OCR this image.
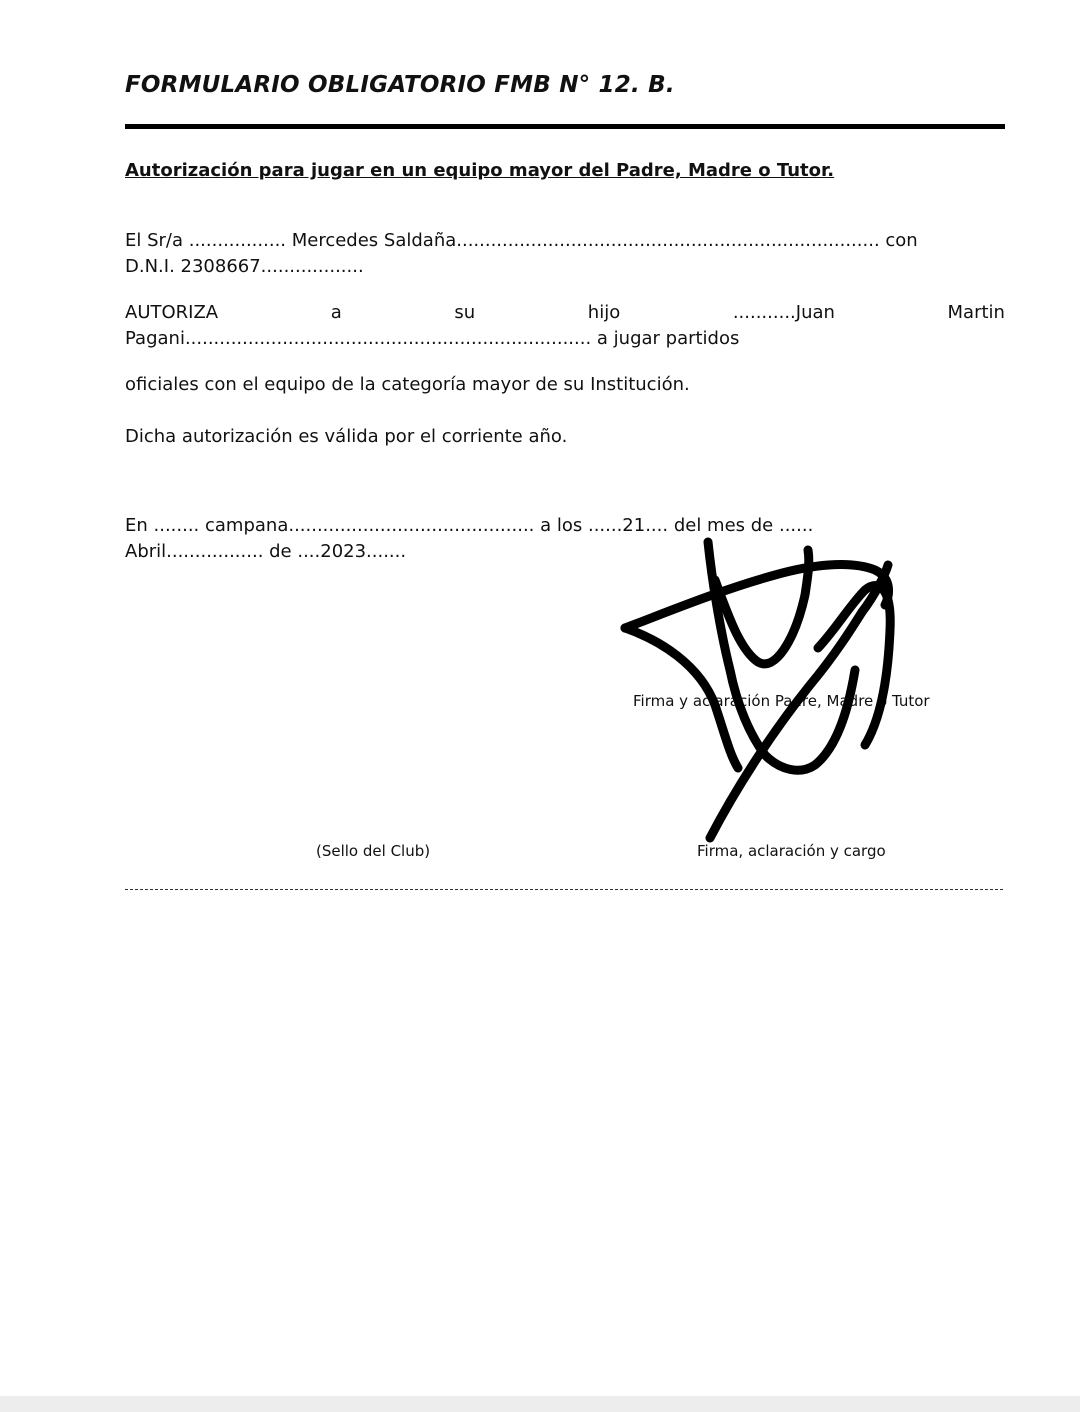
FORMULARIO OBLIGATORIO FMB N° 12. B.
Autorización para jugar en un equipo mayor del Padre, Madre o Tutor.
El Sr/a ................. Mercedes Saldaña.......................................................................... con
D.N.I. 2308667..................
AUTORIZA	a	su	hijo	...........Juan	Martin
Pagani....................................................................... a jugar partidos
oficiales con el equipo de la categoría mayor de su Institución.
Dicha autorización es válida por el corriente año.
En ........ campana........................................... a los ......21.... del mes de ......
Abril................. de ....2023.......
Firma y aclaración Padre, Madre o Tutor
(Sello del Club)	Firma, aclaración y cargo
